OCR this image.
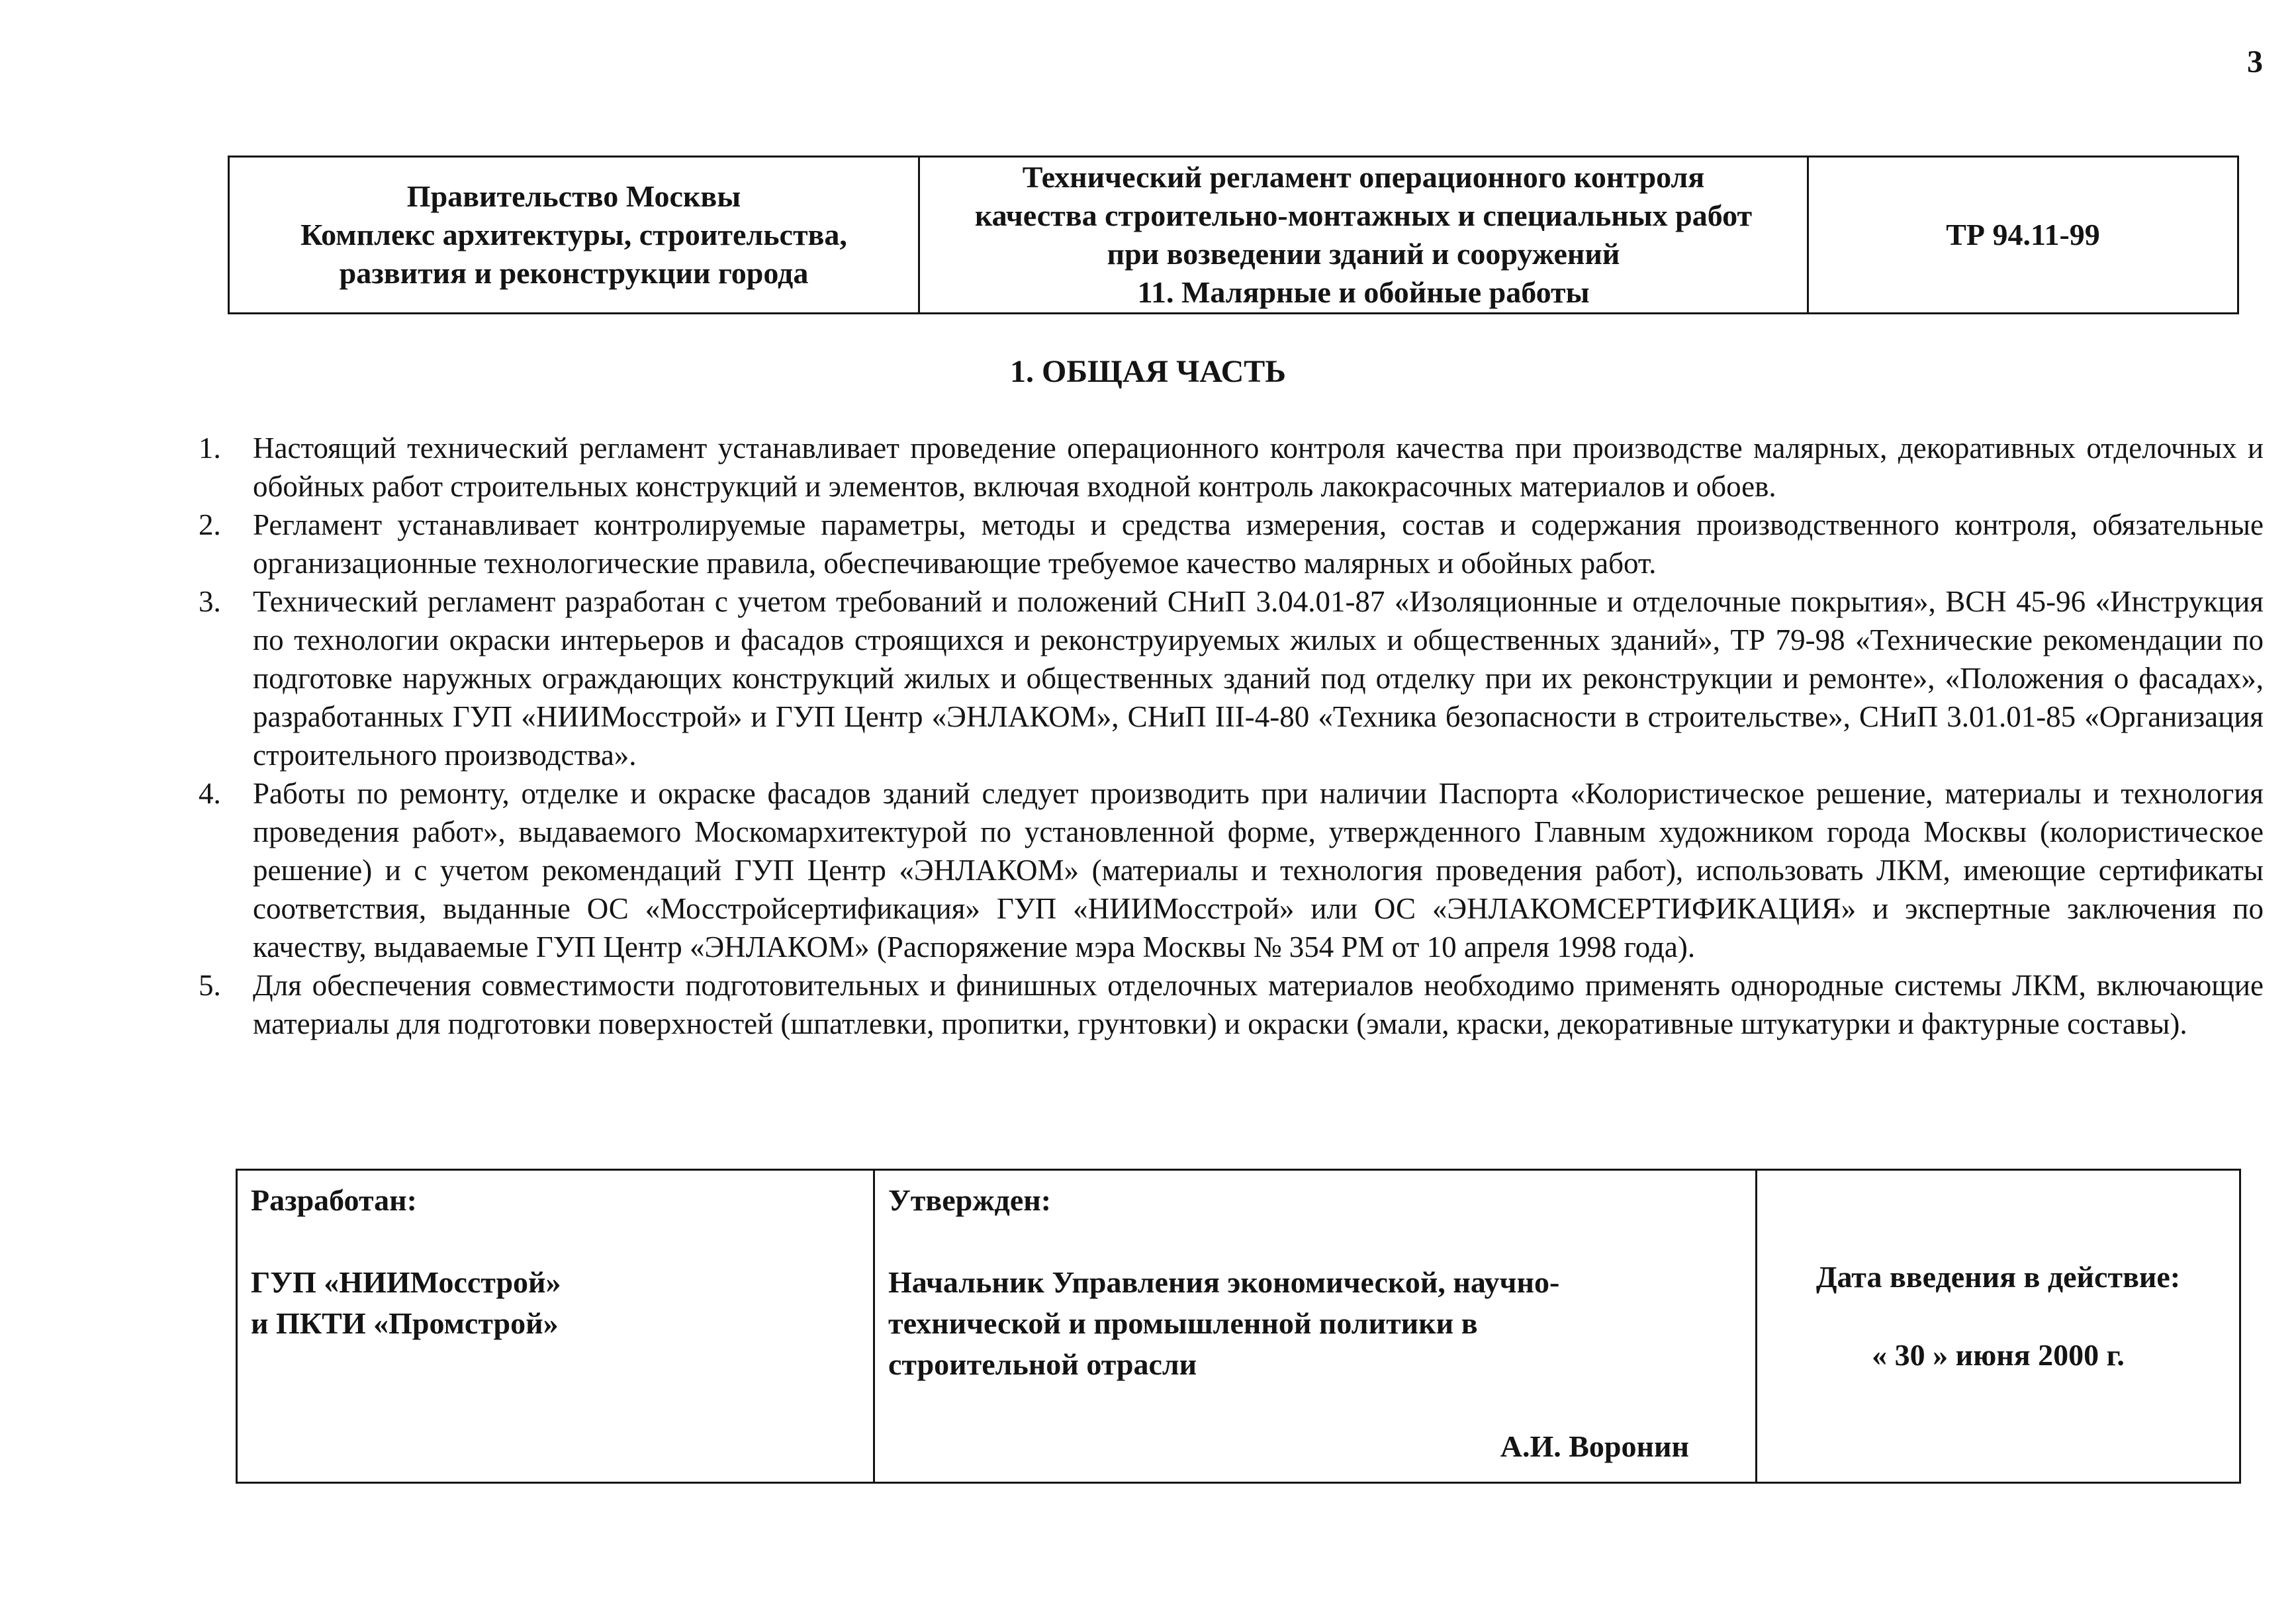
3
Правительство Москвы
Комплекс архитектуры, строительства,
развития и реконструкции города

Технический регламент операционного контроля
качества строительно-монтажных и специальных работ
при возведении зданий и сооружений
11. Малярные и обойные работы
	ТР 94.11-99
1. ОБЩАЯ ЧАСТЬ
1. Настоящий технический регламент устанавливает проведение операционного контроля качества при производстве малярных, декоративных отделочных и обойных работ строительных конструкций и элементов, включая входной контроль лакокрасочных материалов и обоев.
2. Регламент устанавливает контролируемые параметры, методы и средства измерения, состав и содержания производственного контроля, обязательные организационные технологические правила, обеспечивающие требуемое качество малярных и обойных работ.
3. Технический регламент разработан с учетом требований и положений СНиП 3.04.01-87 «Изоляционные и отделочные покрытия», ВСН 45-96 «Инструкция по технологии окраски интерьеров и фасадов строящихся и реконструируемых жилых и общественных зданий», ТР 79-98 «Технические рекомендации по подготовке наружных ограждающих конструкций жилых и общественных зданий под отделку при их реконструкции и ремонте», «Положения о фасадах», разработанных ГУП «НИИМосстрой» и ГУП Центр «ЭНЛАКОМ», СНиП III-4-80 «Техника безопасности в строительстве», СНиП 3.01.01-85 «Организация строительного производства».
4. Работы по ремонту, отделке и окраске фасадов зданий следует производить при наличии Паспорта «Колористическое решение, материалы и технология проведения работ», выдаваемого Москомархитектурой по установленной форме, утвержденного Главным художником города Москвы (колористическое решение) и с учетом рекомендаций ГУП Центр «ЭНЛАКОМ» (материалы и технология проведения работ), использовать ЛКМ, имеющие сертификаты соответствия, выданные ОС «Мосстройсертификация» ГУП «НИИМосстрой» или ОС «ЭНЛАКОМСЕРТИФИКАЦИЯ» и экспертные заключения по качеству, выдаваемые ГУП Центр «ЭНЛАКОМ» (Распоряжение мэра Москвы № 354 РМ от 10 апреля 1998 года).
5. Для обеспечения совместимости подготовительных и финишных отделочных материалов необходимо применять однородные системы ЛКМ, включающие материалы для подготовки поверхностей (шпатлевки, пропитки, грунтовки) и окраски (эмали, краски, декоративные штукатурки и фактурные составы).
Разработан:
ГУП «НИИМосстрой»
и ПКТИ «Промстрой»

Утвержден:
Начальник Управления экономической, научно-
технической и промышленной политики в
строительной отрасли
А.И. Воронин

Дата введения в действие:
« 30 » июня 2000 г.
